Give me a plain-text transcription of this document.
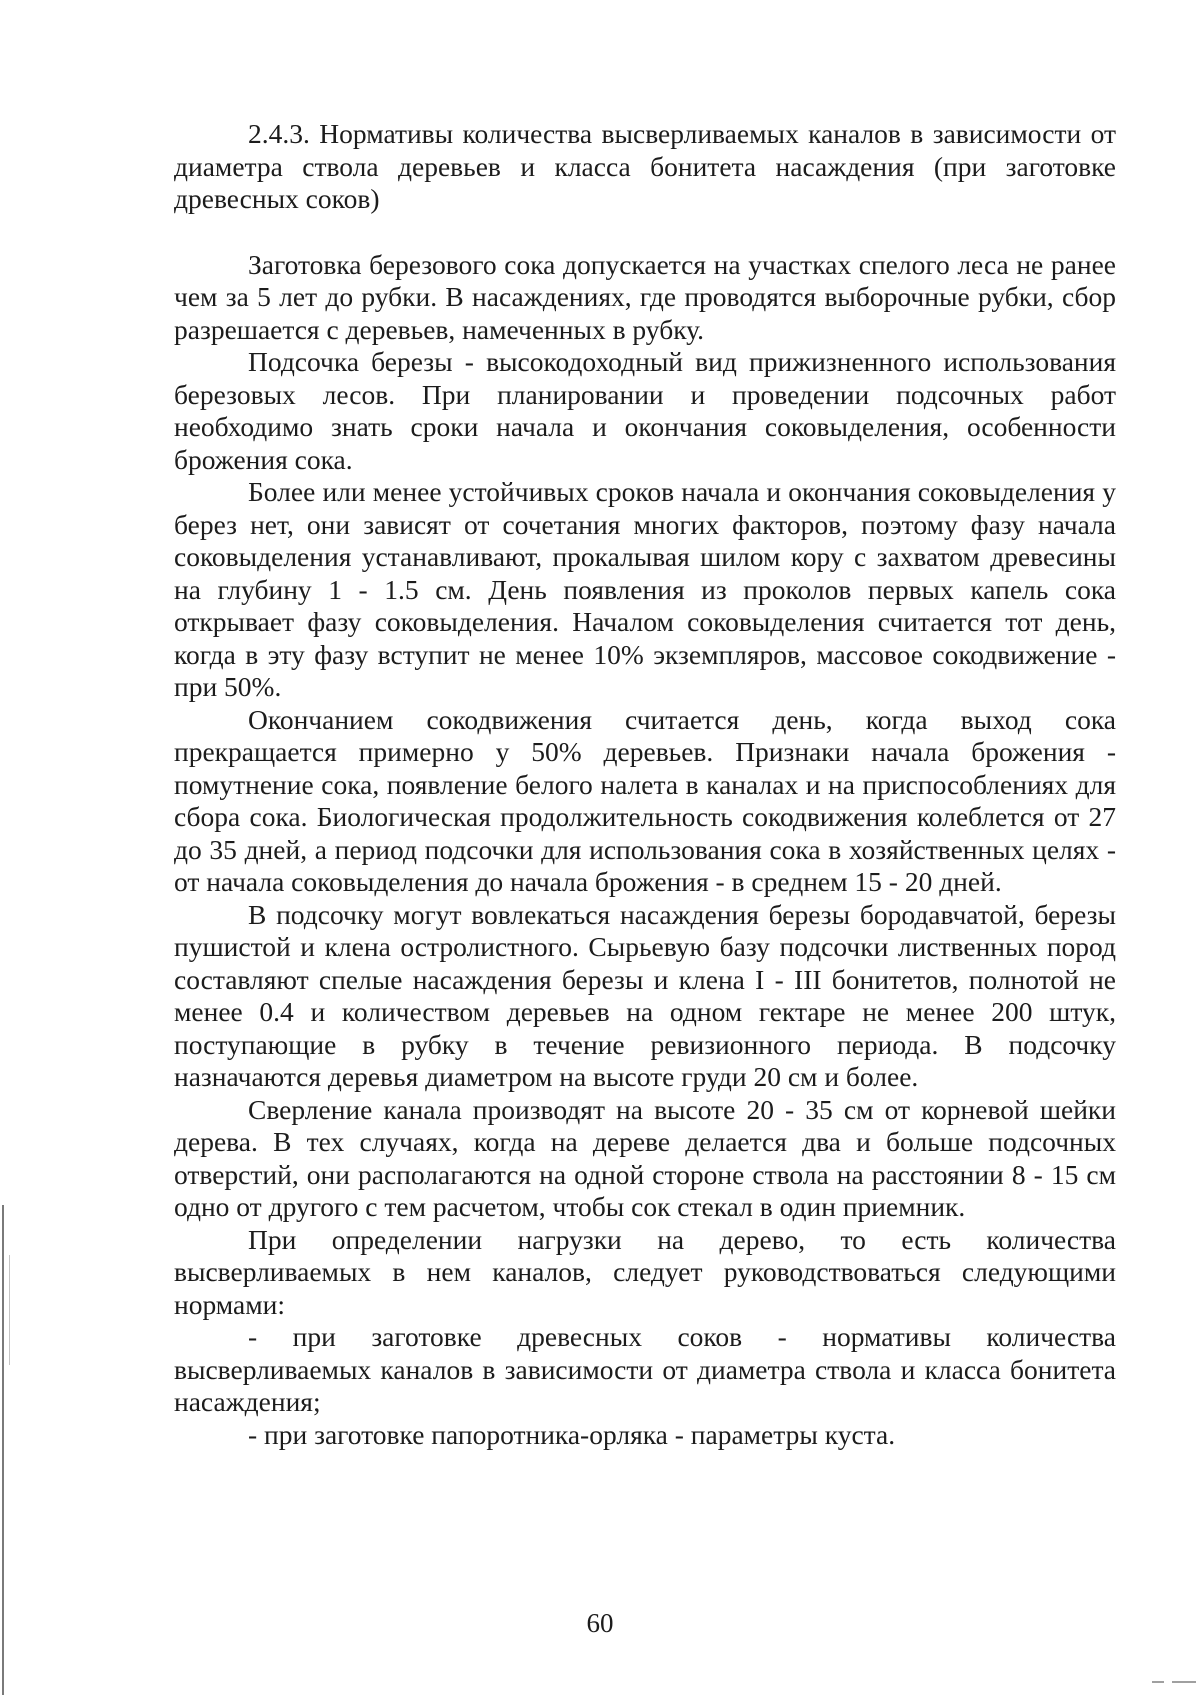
2.4.3. Нормативы количества высверливаемых каналов в зависимости от диаметра ствола деревьев и класса бонитета насаждения (при заготовке древесных соков)

Заготовка березового сока допускается на участках спелого леса не ранее чем за 5 лет до рубки. В насаждениях, где проводятся выборочные рубки, сбор разрешается с деревьев, намеченных в рубку.

Подсочка березы - высокодоходный вид прижизненного использования березовых лесов. При планировании и проведении подсочных работ необходимо знать сроки начала и окончания соковыделения, особенности брожения сока.

Более или менее устойчивых сроков начала и окончания соковыделения у берез нет, они зависят от сочетания многих факторов, поэтому фазу начала соковыделения устанавливают, прокалывая шилом кору с захватом древесины на глубину 1 - 1.5 см. День появления из проколов первых капель сока открывает фазу соковыделения. Началом соковыделения считается тот день, когда в эту фазу вступит не менее 10% экземпляров, массовое сокодвижение - при 50%.

Окончанием сокодвижения считается день, когда выход сока прекращается примерно у 50% деревьев. Признаки начала брожения - помутнение сока, появление белого налета в каналах и на приспособлениях для сбора сока. Биологическая продолжительность сокодвижения колеблется от 27 до 35 дней, а период подсочки для использования сока в хозяйственных целях - от начала соковыделения до начала брожения - в среднем 15 - 20 дней.

В подсочку могут вовлекаться насаждения березы бородавчатой, березы пушистой и клена остролистного. Сырьевую базу подсочки лиственных пород составляют спелые насаждения березы и клена I - III бонитетов, полнотой не менее 0.4 и количеством деревьев на одном гектаре не менее 200 штук, поступающие в рубку в течение ревизионного периода. В подсочку назначаются деревья диаметром на высоте груди 20 см и более.

Сверление канала производят на высоте 20 - 35 см от корневой шейки дерева. В тех случаях, когда на дереве делается два и больше подсочных отверстий, они располагаются на одной стороне ствола на расстоянии 8 - 15 см одно от другого с тем расчетом, чтобы сок стекал в один приемник.

При определении нагрузки на дерево, то есть количества высверливаемых в нем каналов, следует руководствоваться следующими нормами:

- при заготовке древесных соков - нормативы количества высверливаемых каналов в зависимости от диаметра ствола и класса бонитета насаждения;

- при заготовке папоротника-орляка - параметры куста.

60
